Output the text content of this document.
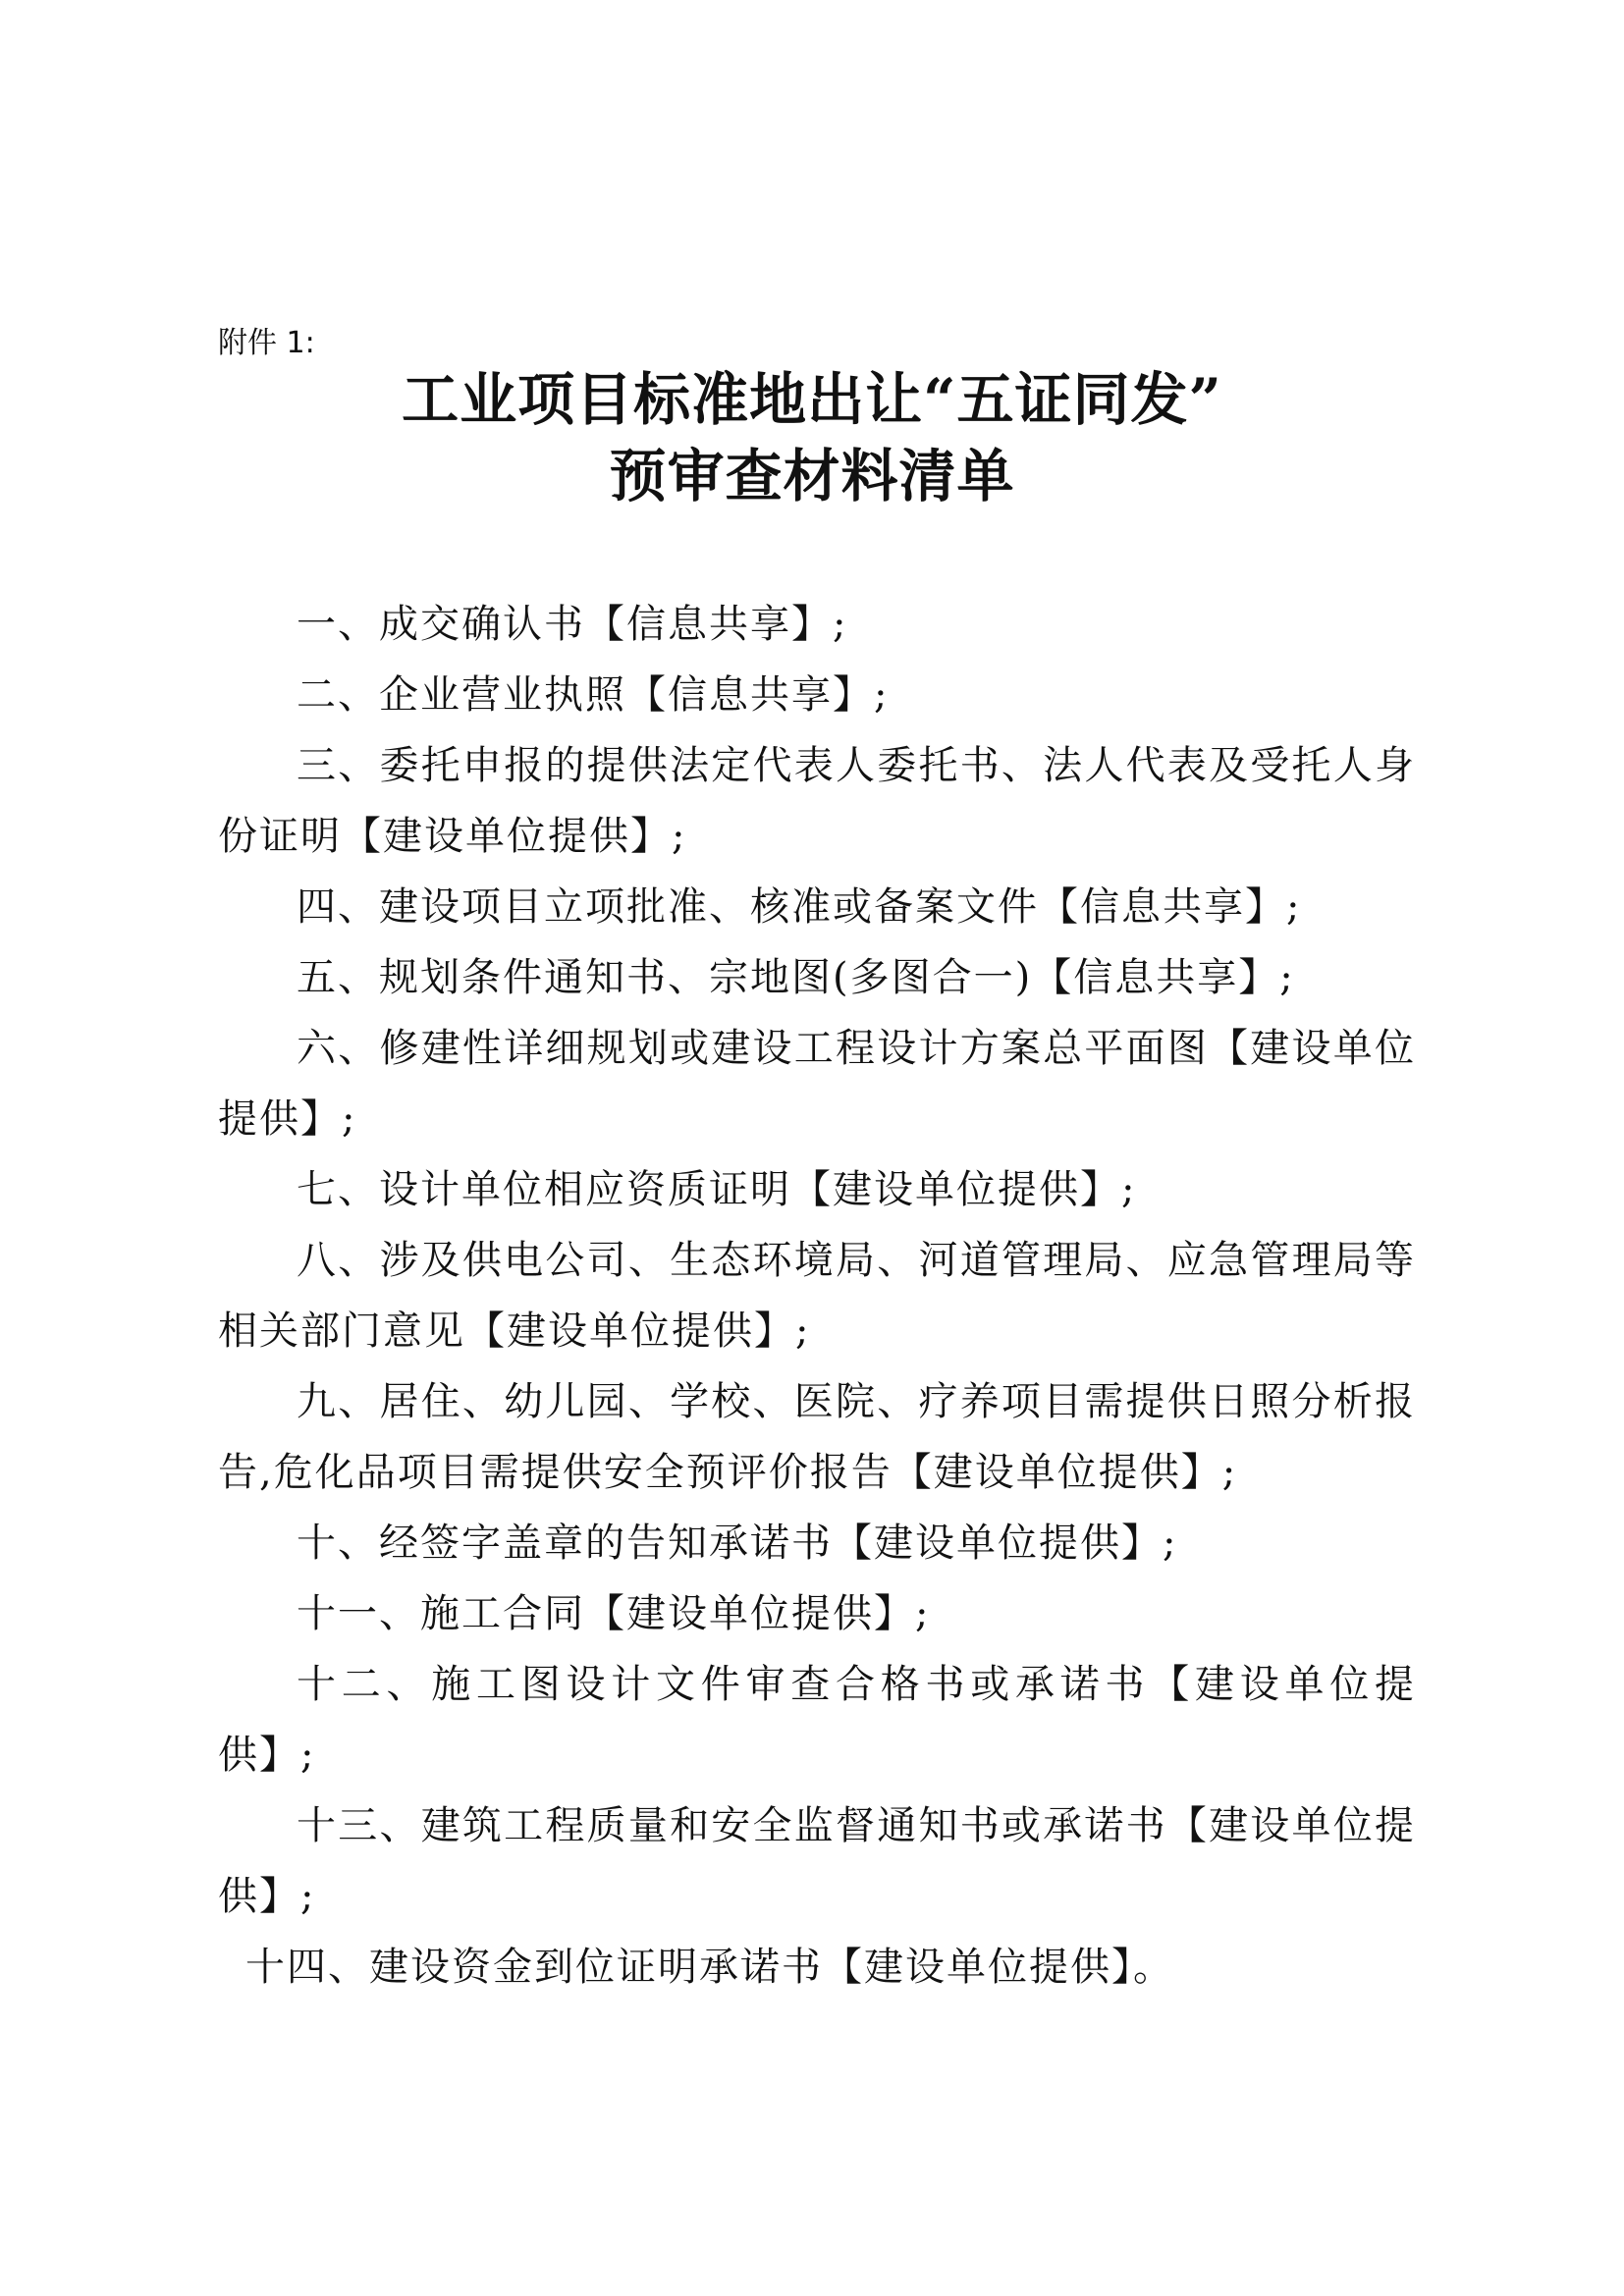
附件 1:
工业项目标准地出让“五证同发”
预审查材料清单

一、成交确认书【信息共享】;

二、企业营业执照【信息共享】;

三、委托申报的提供法定代表人委托书、法人代表及受托人身份证明【建设单位提供】;

四、建设项目立项批准、核准或备案文件【信息共享】;

五、规划条件通知书、宗地图(多图合一)【信息共享】;

六、修建性详细规划或建设工程设计方案总平面图【建设单位提供】;

七、设计单位相应资质证明【建设单位提供】;

八、涉及供电公司、生态环境局、河道管理局、应急管理局等相关部门意见【建设单位提供】;

九、居住、幼儿园、学校、医院、疗养项目需提供日照分析报告,危化品项目需提供安全预评价报告【建设单位提供】;

十、经签字盖章的告知承诺书【建设单位提供】;

十一、施工合同【建设单位提供】;

十二、施工图设计文件审查合格书或承诺书【建设单位提供】;

十三、建筑工程质量和安全监督通知书或承诺书【建设单位提供】;

十四、建设资金到位证明承诺书【建设单位提供】。
